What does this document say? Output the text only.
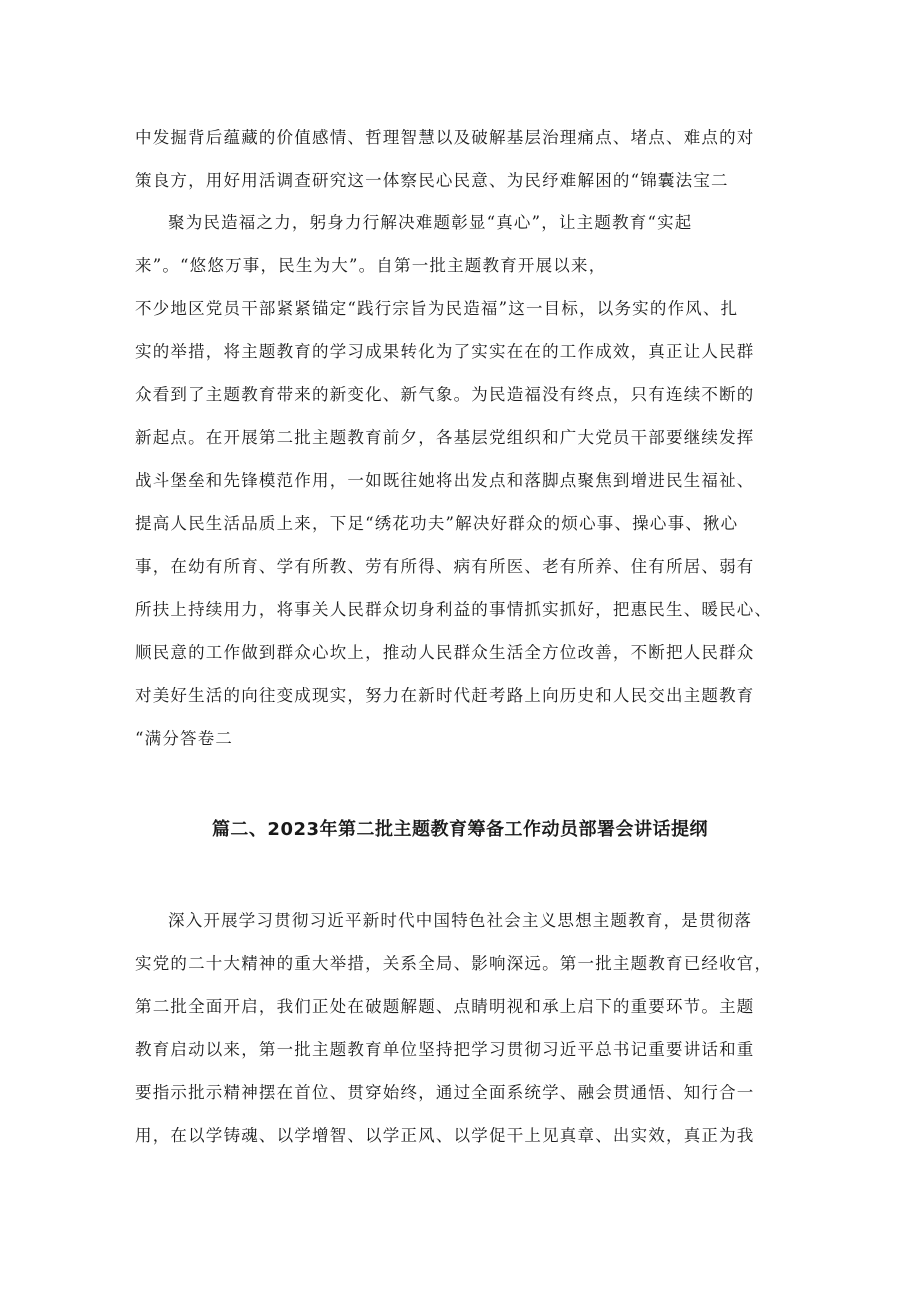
中发掘背后蕴藏的价值感情、哲理智慧以及破解基层治理痛点、堵点、难点的对
策良方，用好用活调查研究这一体察民心民意、为民纾难解困的“锦囊法宝二
聚为民造福之力，躬身力行解决难题彰显“真心”，让主题教育“实起
来”。“悠悠万事，民生为大”。自第一批主题教育开展以来，
不少地区党员干部紧紧锚定“践行宗旨为民造福”这一目标，以务实的作风、扎
实的举措，将主题教育的学习成果转化为了实实在在的工作成效，真正让人民群
众看到了主题教育带来的新变化、新气象。为民造福没有终点，只有连续不断的
新起点。在开展第二批主题教育前夕，各基层党组织和广大党员干部要继续发挥
战斗堡垒和先锋模范作用，一如既往她将出发点和落脚点聚焦到增进民生福祉、
提高人民生活品质上来，下足“绣花功夫”解决好群众的烦心事、操心事、揪心
事，在幼有所育、学有所教、劳有所得、病有所医、老有所养、住有所居、弱有
所扶上持续用力，将事关人民群众切身利益的事情抓实抓好，把惠民生、暖民心、
顺民意的工作做到群众心坎上，推动人民群众生活全方位改善，不断把人民群众
对美好生活的向往变成现实，努力在新时代赶考路上向历史和人民交出主题教育
“满分答卷二
篇二、2023年第二批主题教育筹备工作动员部署会讲话提纲
深入开展学习贯彻习近平新时代中国特色社会主义思想主题教育，是贯彻落
实党的二十大精神的重大举措，关系全局、影响深远。第一批主题教育已经收官，
第二批全面开启，我们正处在破题解题、点睛明视和承上启下的重要环节。主题
教育启动以来，第一批主题教育单位坚持把学习贯彻习近平总书记重要讲话和重
要指示批示精神摆在首位、贯穿始终，通过全面系统学、融会贯通悟、知行合一
用，在以学铸魂、以学增智、以学正风、以学促干上见真章、出实效，真正为我
